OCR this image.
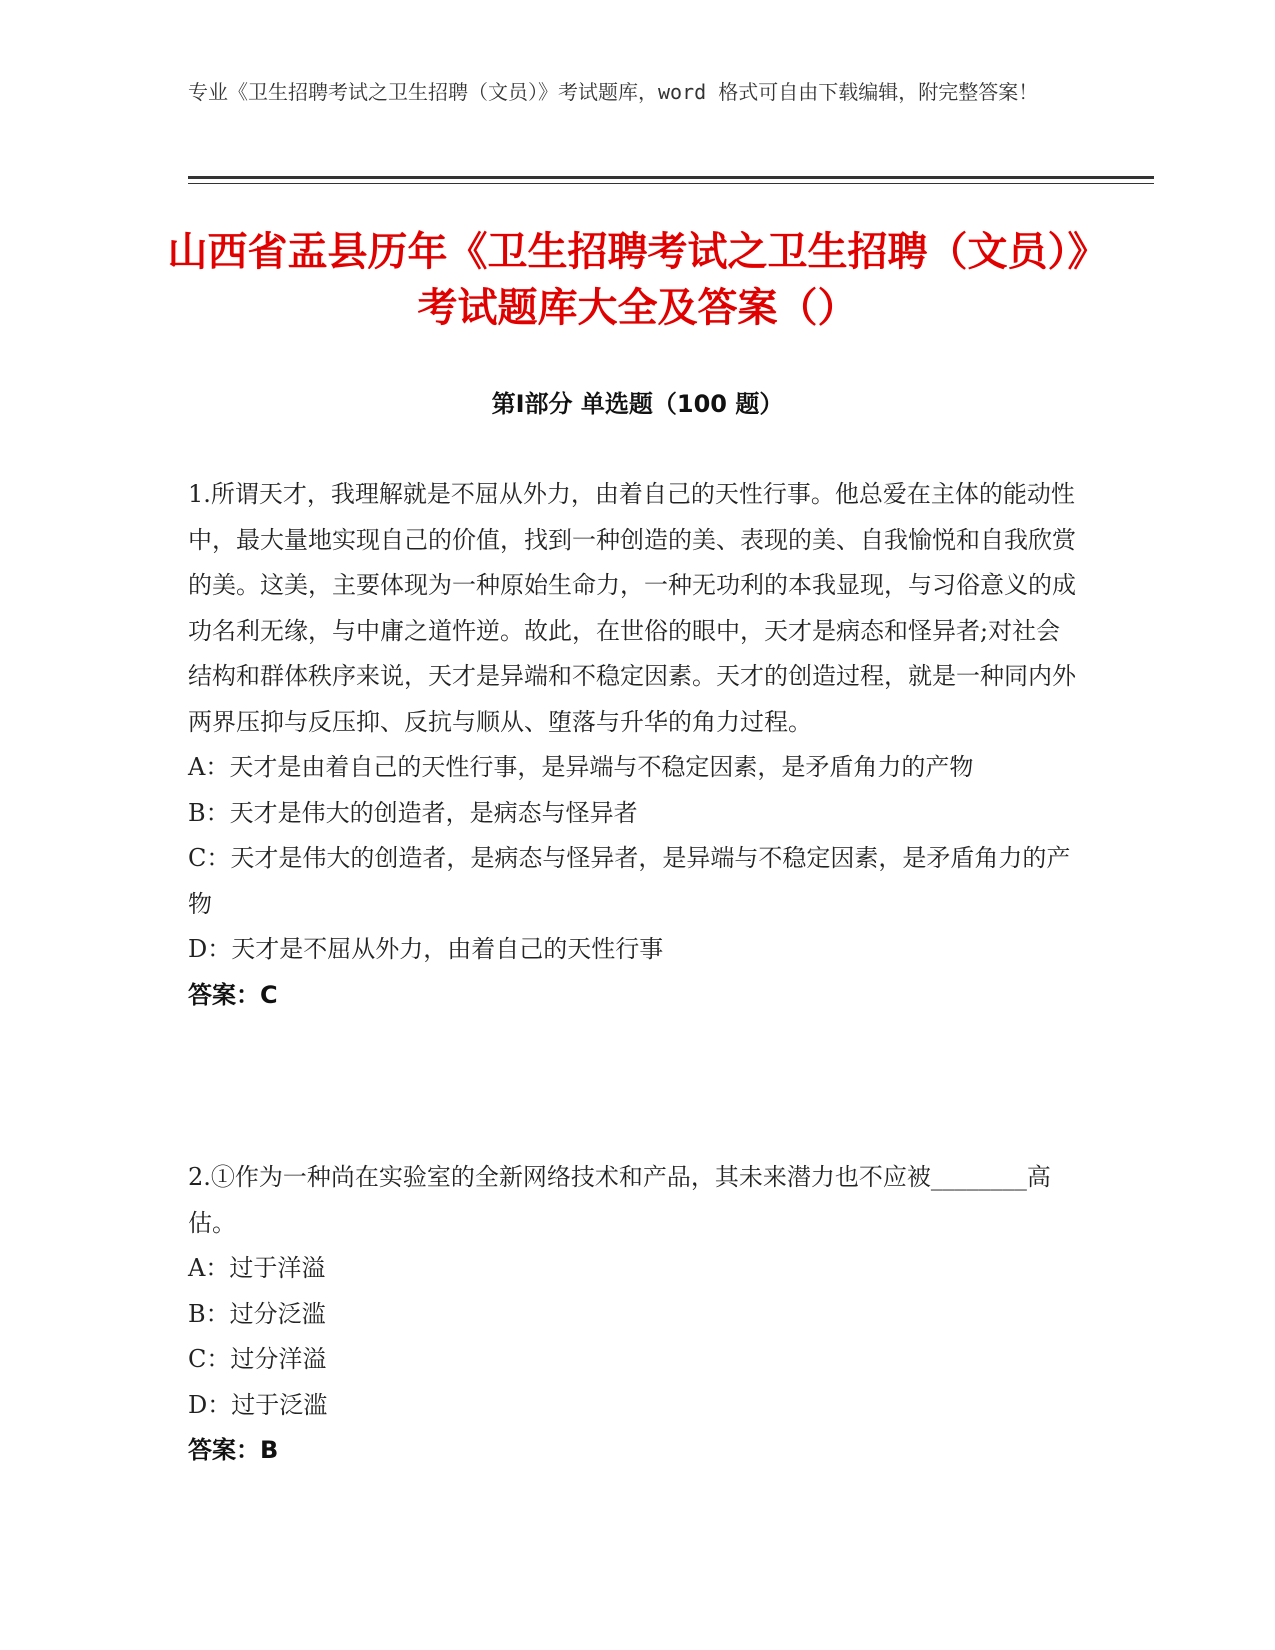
专业《卫生招聘考试之卫生招聘（文员）》考试题库，word 格式可自由下载编辑，附完整答案！
山西省盂县历年《卫生招聘考试之卫生招聘（文员）》考试题库大全及答案（）
第Ⅰ部分 单选题（100 题）

1.所谓天才，我理解就是不屈从外力，由着自己的天性行事。他总爱在主体的能动性中，最大量地实现自己的价值，找到一种创造的美、表现的美、自我愉悦和自我欣赏的美。这美，主要体现为一种原始生命力，一种无功利的本我显现，与习俗意义的成功名利无缘，与中庸之道忤逆。故此，在世俗的眼中，天才是病态和怪异者;对社会结构和群体秩序来说，天才是异端和不稳定因素。天才的创造过程，就是一种同内外两界压抑与反压抑、反抗与顺从、堕落与升华的角力过程。

A：天才是由着自己的天性行事，是异端与不稳定因素，是矛盾角力的产物

B：天才是伟大的创造者，是病态与怪异者

C：天才是伟大的创造者，是病态与怪异者，是异端与不稳定因素，是矛盾角力的产物

D：天才是不屈从外力，由着自己的天性行事

答案：C

2.①作为一种尚在实验室的全新网络技术和产品，其未来潜力也不应被________高估。

A：过于洋溢

B：过分泛滥

C：过分洋溢

D：过于泛滥

答案：B
